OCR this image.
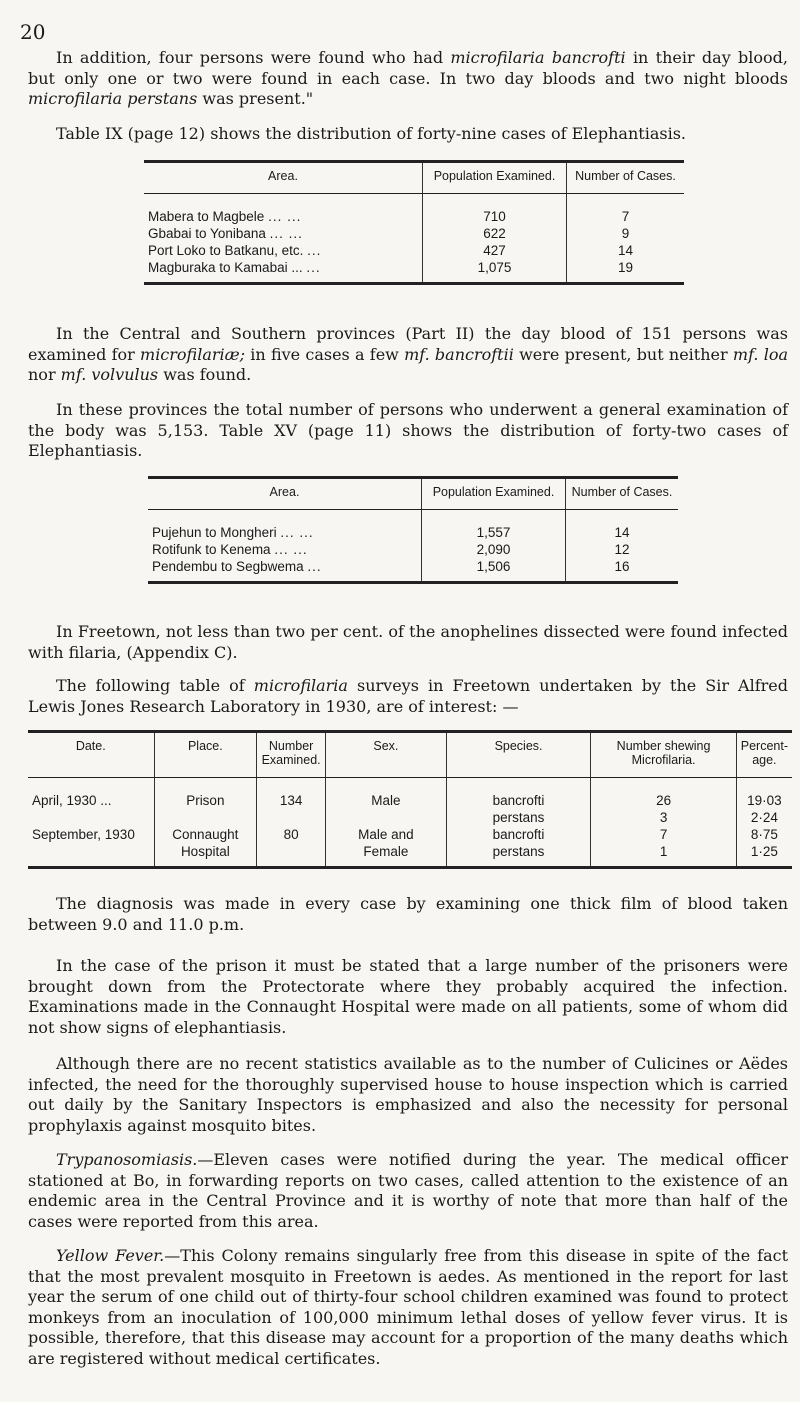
20

In addition, four persons were found who had microfilaria bancrofti in their day blood, but only one or two were found in each case. In two day bloods and two night bloods microfilaria perstans was present."

Table IX (page 12) shows the distribution of forty-nine cases of Elephantiasis.

Area.	Population Examined.	Number of Cases.
Mabera to Magbele ... ...	710	7
Gbabai to Yonibana ... ...	622	9
Port Loko to Batkanu, etc. ...	427	14
Magburaka to Kamabai ... ...	1,075	19

In the Central and Southern provinces (Part II) the day blood of 151 persons was examined for microfilariæ; in five cases a few mf. bancroftii were present, but neither mf. loa nor mf. volvulus was found.

In these provinces the total number of persons who underwent a general examination of the body was 5,153. Table XV (page 11) shows the distribution of forty-two cases of Elephantiasis.

Area.	Population Examined.	Number of Cases.
Pujehun to Mongheri ... ...	1,557	14
Rotifunk to Kenema ... ...	2,090	12
Pendembu to Segbwema ...	1,506	16

In Freetown, not less than two per cent. of the anophelines dissected were found infected with filaria, (Appendix C).

The following table of microfilaria surveys in Freetown undertaken by the Sir Alfred Lewis Jones Research Laboratory in 1930, are of interest: —

Date.	Place.	Number Examined.	Sex.	Species.	Number shewing Microfilaria.	Percent-age.
April, 1930 ...	Prison	134	Male	bancrofti	26	19·03
				perstans	3	2·24
September, 1930	Connaught	80	Male and	bancrofti	7	8·75
	Hospital		Female	perstans	1	1·25

The diagnosis was made in every case by examining one thick film of blood taken between 9.0 and 11.0 p.m.

In the case of the prison it must be stated that a large number of the prisoners were brought down from the Protectorate where they probably acquired the infection. Examinations made in the Connaught Hospital were made on all patients, some of whom did not show signs of elephantiasis.

Although there are no recent statistics available as to the number of Culicines or Aëdes infected, the need for the thoroughly supervised house to house inspection which is carried out daily by the Sanitary Inspectors is emphasized and also the necessity for personal prophylaxis against mosquito bites.

Trypanosomiasis.—Eleven cases were notified during the year. The medical officer stationed at Bo, in forwarding reports on two cases, called attention to the existence of an endemic area in the Central Province and it is worthy of note that more than half of the cases were reported from this area.

Yellow Fever.—This Colony remains singularly free from this disease in spite of the fact that the most prevalent mosquito in Freetown is aedes. As mentioned in the report for last year the serum of one child out of thirty-four school children examined was found to protect monkeys from an inoculation of 100,000 minimum lethal doses of yellow fever virus. It is possible, therefore, that this disease may account for a proportion of the many deaths which are registered without medical certificates.
